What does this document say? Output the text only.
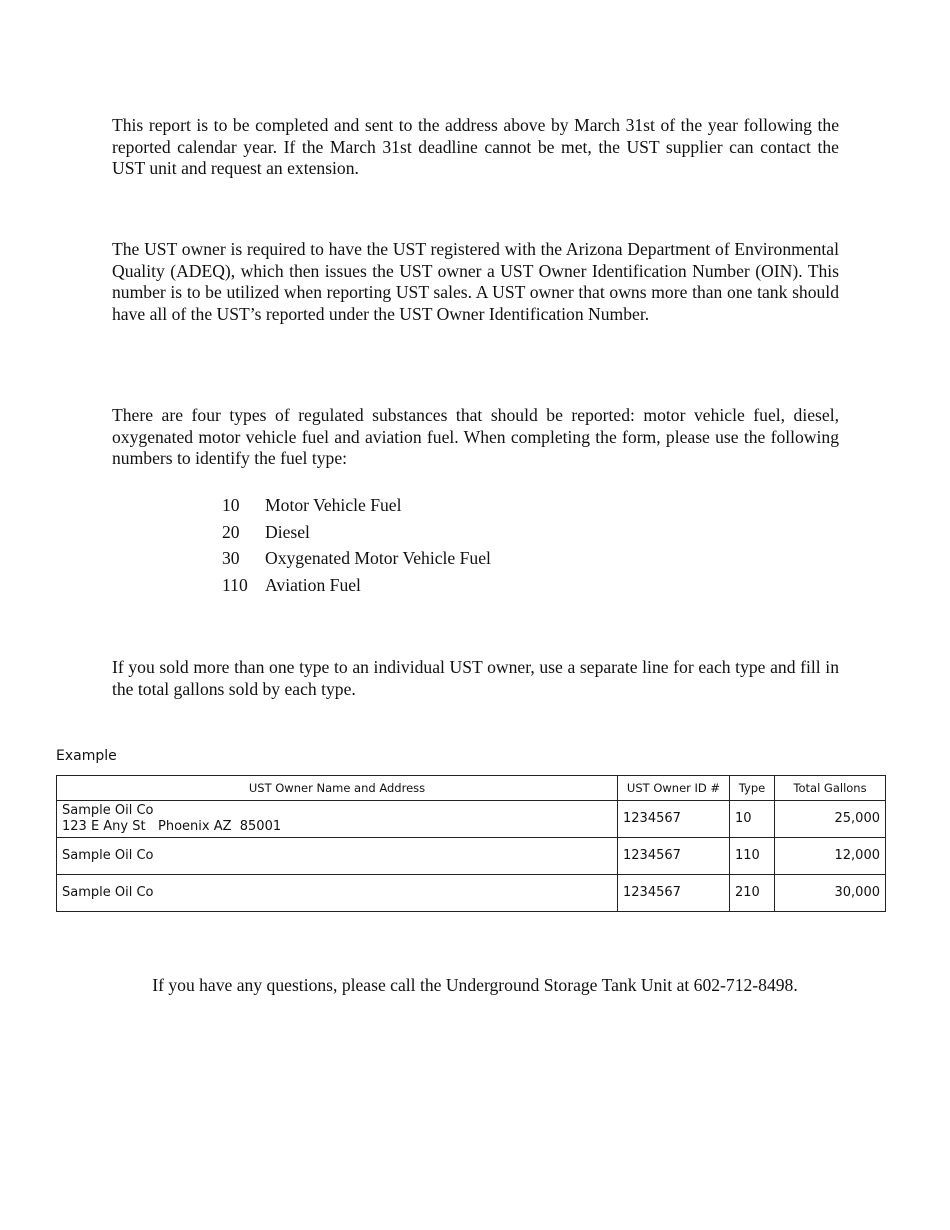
This report is to be completed and sent to the address above by March 31st of the year following the reported calendar year. If the March 31st deadline cannot be met, the UST supplier can contact the UST unit and request an extension.

The UST owner is required to have the UST registered with the Arizona Department of Environmental Quality (ADEQ), which then issues the UST owner a UST Owner Identification Number (OIN). This number is to be utilized when reporting UST sales. A UST owner that owns more than one tank should have all of the UST’s reported under the UST Owner Identification Number.

There are four types of regulated substances that should be reported: motor vehicle fuel, diesel, oxygenated motor vehicle fuel and aviation fuel. When completing the form, please use the following numbers to identify the fuel type:

10 Motor Vehicle Fuel
20 Diesel
30 Oxygenated Motor Vehicle Fuel
110 Aviation Fuel

If you sold more than one type to an individual UST owner, use a separate line for each type and fill in the total gallons sold by each type.

Example
UST Owner Name and Address	UST Owner ID #	Type	Total Gallons

Sample Oil Co
123 E Any St   Phoenix AZ  85001	1234567	10	25,000
Sample Oil Co	1234567	110	12,000
Sample Oil Co	1234567	210	30,000

If you have any questions, please call the Underground Storage Tank Unit at 602-712-8498.
